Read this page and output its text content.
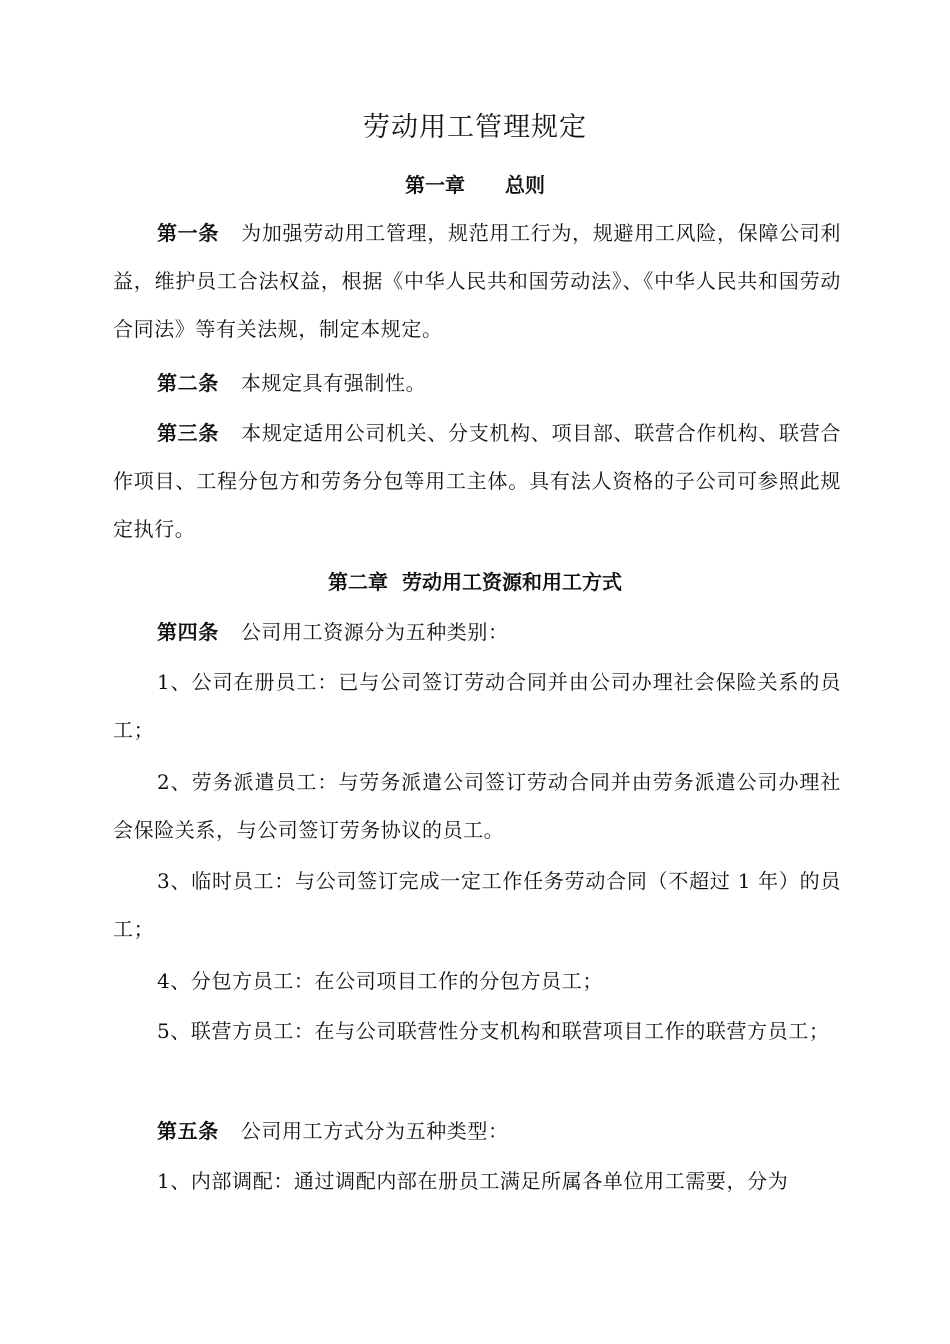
劳动用工管理规定
第一章 总则

第一条 为加强劳动用工管理，规范用工行为，规避用工风险，保障公司利益，维护员工合法权益，根据《中华人民共和国劳动法》、《中华人民共和国劳动合同法》等有关法规，制定本规定。

第二条 本规定具有强制性。

第三条 本规定适用公司机关、分支机构、项目部、联营合作机构、联营合作项目、工程分包方和劳务分包等用工主体。具有法人资格的子公司可参照此规定执行。

第二章 劳动用工资源和用工方式

第四条 公司用工资源分为五种类别：

1、公司在册员工：已与公司签订劳动合同并由公司办理社会保险关系的员工；

2、劳务派遣员工：与劳务派遣公司签订劳动合同并由劳务派遣公司办理社会保险关系，与公司签订劳务协议的员工。

3、临时员工：与公司签订完成一定工作任务劳动合同（不超过 1 年）的员工；

4、分包方员工：在公司项目工作的分包方员工；

5、联营方员工：在与公司联营性分支机构和联营项目工作的联营方员工；

第五条 公司用工方式分为五种类型：

1、内部调配：通过调配内部在册员工满足所属各单位用工需要，分为
